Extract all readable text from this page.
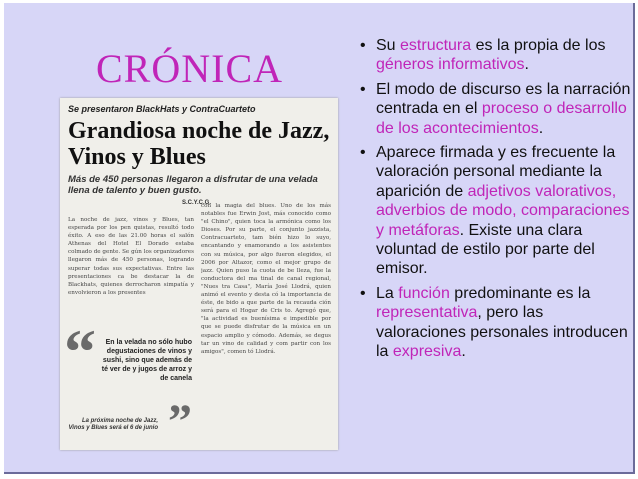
CRÓNICA
Se presentaron BlackHats y ContraCuarteto
Grandiosa noche de Jazz, Vinos y Blues
Más de 450 personas llegaron a disfrutar de una velada llena de talento y buen gusto.
S.C.Y.C.G.
La noche de jazz, vinos y Blues, tan esperada por los pen quistas, resultó todo éxito. A eso de las 21.00 horas el salón Athenas del Hotel El Dorado estaba colmado de gente. Se gún los organizadores llegaron más de 450 personas, logrando superar todas sus expectativas. Entre las presentaciones ca be destacar la de Blackhats, quienes derrocharon simpatía y envolvieron a los presentes
con la magia del blues. Uno de los más notables fue Erwin Jost, más conocido como "el Chino", quien toca la armónica como los Dioses. Por su parte, el conjunto jazzista, Contracuarteto, tam bién hizo lo suyo, encantando y enamorando a los asistentes con su música, por algo fueron elegidos, el 2006 por Altazor, como el mejor grupo de jazz. Quien puso la cuota de be lleza, fue la conductora del ma tinal de canal regional, "Nues tra Casa", María José Llodrá, quien animó el evento y desta có la importancia de éste, de bido a que parte de la recauda ción será para el Hogar de Cris to. Agregó que, "la actividad es buenísima e impedible por que se puede disfrutar de la música en un espacio amplio y cómodo. Además, se degus tar un vino de calidad y com partir con los amigos", comen tó Llodrá.
“	En la velada no sólo hubo degustaciones de vinos y sushi, sino que además de té ver de y jugos de arroz y de canela
La próxima noche de Jazz, Vinos y Blues será el 6 de junio ”
• Su estructura es la propia de los géneros informativos.
• El modo de discurso es la narración centrada en el proceso o desarrollo de los acontecimientos.
• Aparece firmada y es frecuente la valoración personal mediante la aparición de adjetivos valorativos, adverbios de modo, comparaciones y metáforas. Existe una clara voluntad de estilo por parte del emisor.
• La función predominante es la representativa, pero las valoraciones personales introducen la expresiva.
